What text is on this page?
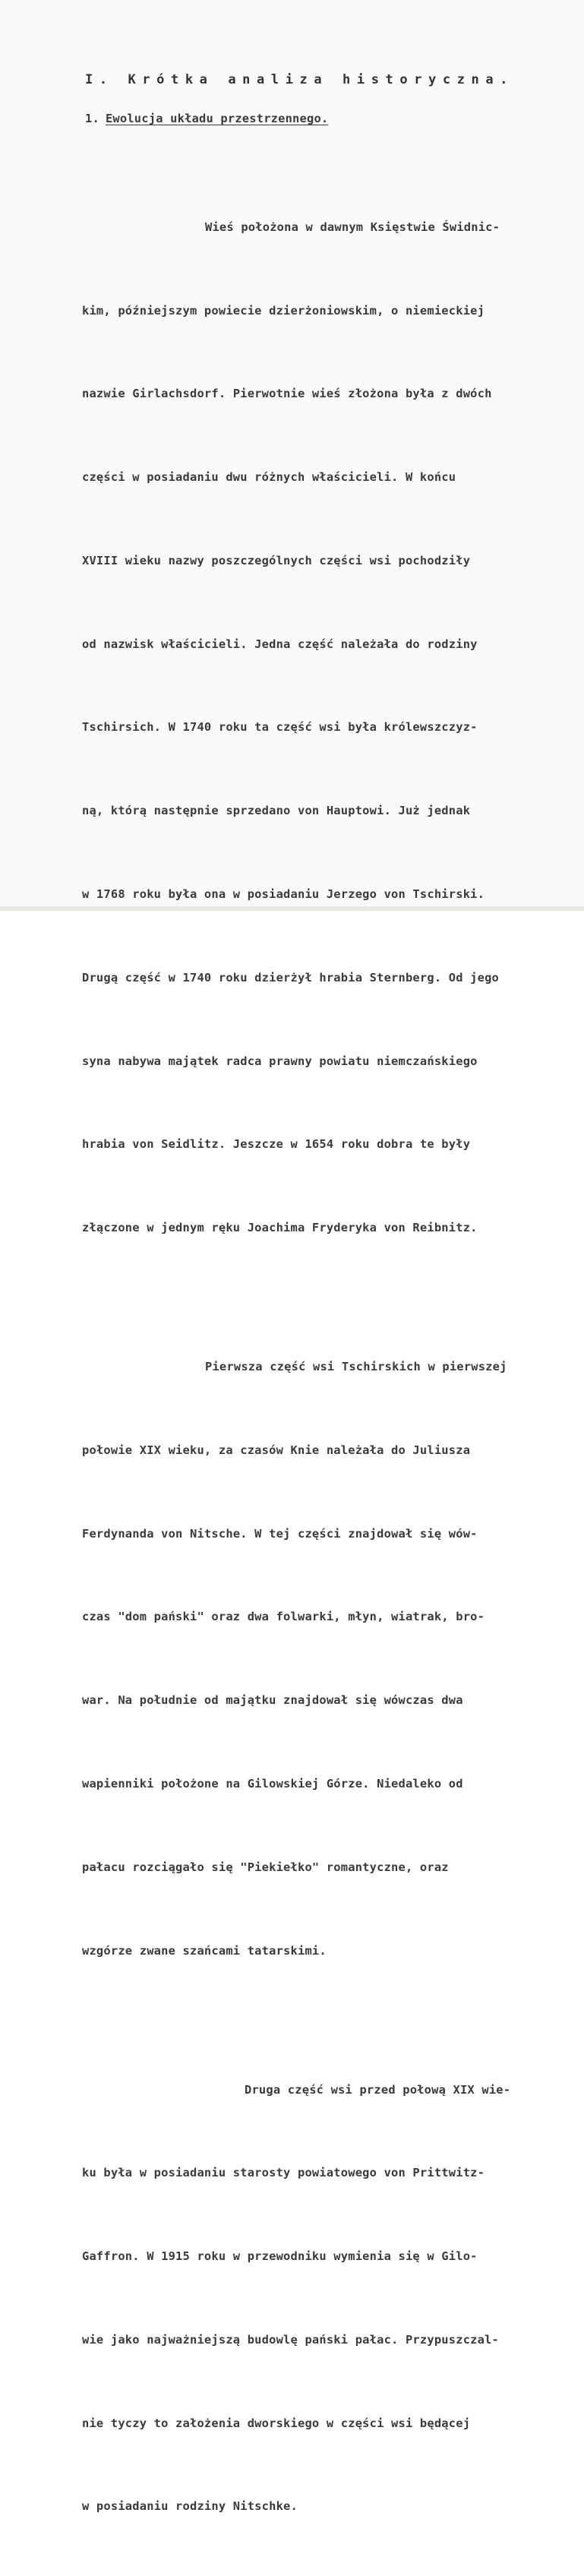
I. Krótka analiza historyczna.
1. Ewolucja układu przestrzennego.

Wieś położona w dawnym Księstwie Świdnic-

kim, późniejszym powiecie dzierżoniowskim, o niemieckiej

nazwie Girlachsdorf. Pierwotnie wieś złożona była z dwóch

części w posiadaniu dwu różnych właścicieli. W końcu

XVIII wieku nazwy poszczególnych części wsi pochodziły

od nazwisk właścicieli. Jedna część należała do rodziny

Tschirsich. W 1740 roku ta część wsi była królewszczyz-

ną, którą następnie sprzedano von Hauptowi. Już jednak

w 1768 roku była ona w posiadaniu Jerzego von Tschirski.

Drugą część w 1740 roku dzierżył hrabia Sternberg. Od jego

syna nabywa majątek radca prawny powiatu niemczańskiego

hrabia von Seidlitz. Jeszcze w 1654 roku dobra te były

złączone w jednym ręku Joachima Fryderyka von Reibnitz.

Pierwsza część wsi Tschirskich w pierwszej

połowie XIX wieku, za czasów Knie należała do Juliusza

Ferdynanda von Nitsche. W tej części znajdował się wów-

czas "dom pański" oraz dwa folwarki, młyn, wiatrak, bro-

war. Na południe od majątku znajdował się wówczas dwa

wapienniki położone na Gilowskiej Górze. Niedaleko od

pałacu rozciągało się "Piekiełko" romantyczne, oraz

wzgórze zwane szańcami tatarskimi.

Druga część wsi przed połową XIX wie-

ku była w posiadaniu starosty powiatowego von Prittwitz-

Gaffron. W 1915 roku w przewodniku wymienia się w Gilo-

wie jako najważniejszą budowlę pański pałac. Przypuszczal-

nie tyczy to założenia dworskiego w części wsi będącej

w posiadaniu rodziny Nitschke.
